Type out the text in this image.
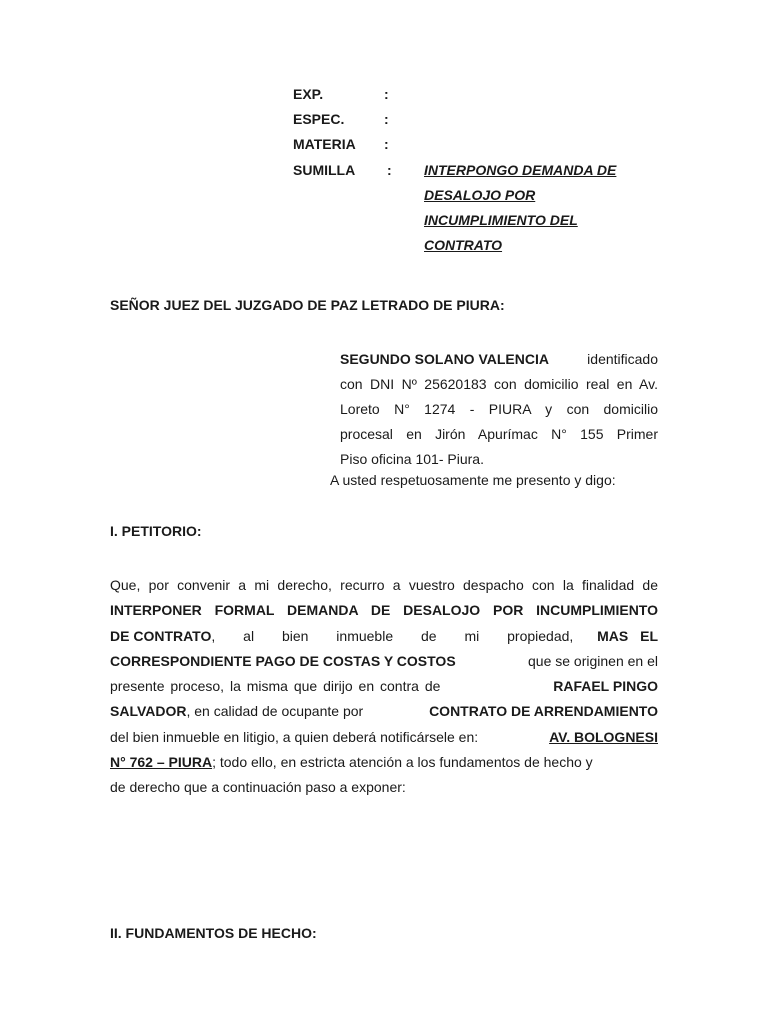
EXP.	:
ESPEC.	:
MATERIA :
SUMILLA : INTERPONGO DEMANDA DE
DESALOJO POR
INCUMPLIMIENTO DEL
CONTRATO
SEÑOR JUEZ DEL JUZGADO DE PAZ LETRADO DE PIURA:
SEGUNDO SOLANO VALENCIA	identificado
con DNI Nº 25620183 con domicilio real en Av.
Loreto N° 1274 - PIURA y con domicilio
procesal en Jirón Apurímac N° 155 Primer
Piso oficina 101- Piura.
A usted respetuosamente me presento y digo:
I. PETITORIO:
Que, por convenir a mi derecho, recurro a vuestro despacho con la finalidad de
INTERPONER FORMAL DEMANDA DE DESALOJO POR INCUMPLIMIENTO
DE CONTRATO, al bien inmueble de mi propiedad, MAS EL
CORRESPONDIENTE PAGO DE COSTAS Y COSTOS	que se originen en el
presente proceso, la misma que dirijo en contra de	RAFAEL PINGO
SALVADOR, en calidad de ocupante por	CONTRATO DE ARRENDAMIENTO
del bien inmueble en litigio, a quien deberá notificársele en:	AV. BOLOGNESI
N° 762 – PIURA; todo ello, en estricta atención a los fundamentos de hecho y
de derecho que a continuación paso a exponer:
II. FUNDAMENTOS DE HECHO:
